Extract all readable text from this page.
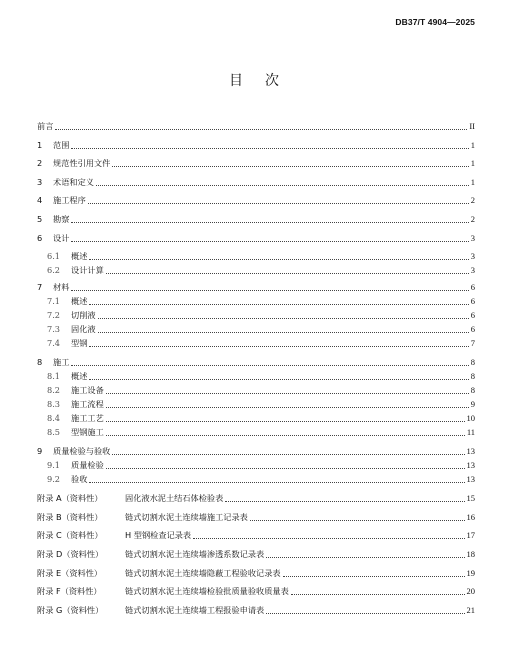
DB37/T 4904—2025
目次
前言	II
1	范围	1
2	规范性引用文件	1
3	术语和定义	1
4	施工程序	2
5	勘察	2
6	设计	3
6.1	概述	3
6.2	设计计算	3
7	材料	6
7.1	概述	6
7.2	切削液	6
7.3	固化液	6
7.4	型钢	7
8	施工	8
8.1	概述	8
8.2	施工设备	8
8.3	施工流程	9
8.4	施工工艺	10
8.5	型钢施工	11
9	质量检验与验收	13
9.1	质量检验	13
9.2	验收	13
附录 A（资料性）	固化液水泥土结石体检验表	15
附录 B（资料性）	链式切割水泥土连续墙施工记录表	16
附录 C（资料性）	H 型钢检查记录表	17
附录 D（资料性）	链式切割水泥土连续墙渗透系数记录表	18
附录 E（资料性）	链式切割水泥土连续墙隐蔽工程验收记录表	19
附录 F（资料性）	链式切割水泥土连续墙检验批质量验收质量表	20
附录 G（资料性）	链式切割水泥土连续墙工程报验申请表	21
